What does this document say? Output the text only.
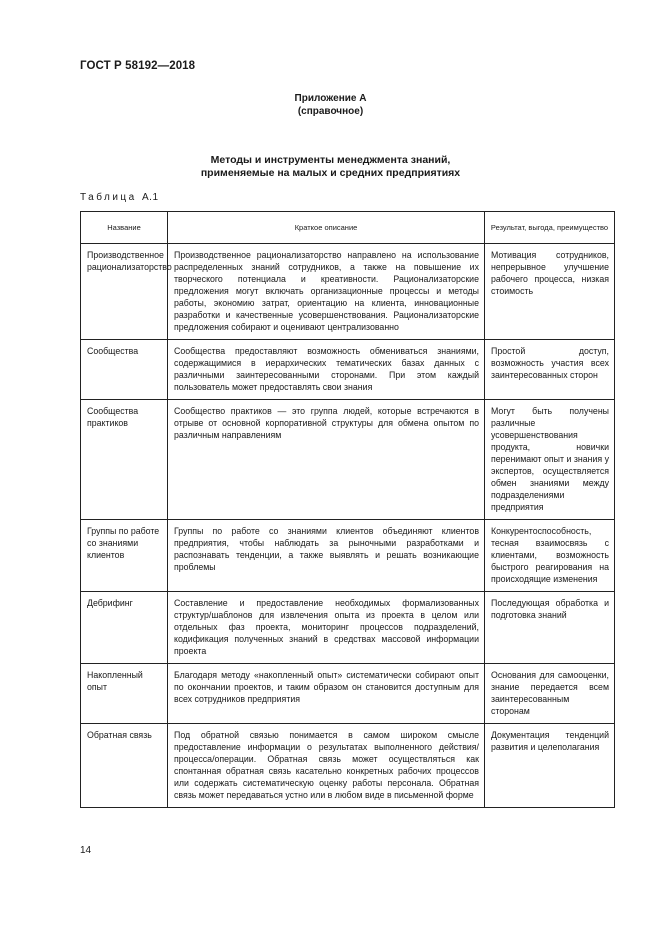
ГОСТ Р 58192—2018
Приложение А
(справочное)
Методы и инструменты менеджмента знаний,
применяемые на малых и средних предприятиях
Таблица А.1
Название	Краткое описание	Результат, выгода, преимущество
Производственное рационализаторство	Производственное рационализаторство направлено на использование распределенных знаний сотрудников, а также на повышение их творческого потенциала и креативности. Рационализаторские предложения могут включать организационные процессы и методы работы, экономию затрат, ориентацию на клиента, инновационные разработки и качественные усовершенствования. Рационализаторские предложения собирают и оценивают централизованно	Мотивация сотрудников, непрерывное улучшение рабочего процесса, низкая стоимость
Сообщества	Сообщества предоставляют возможность обмениваться знаниями, содержащимися в иерархических тематических базах данных с различными заинтересованными сторонами. При этом каждый пользователь может предоставлять свои знания	Простой доступ, возможность участия всех заинтересованных сторон
Сообщества практиков	Сообщество практиков — это группа людей, которые встречаются в отрыве от основной корпоративной структуры для обмена опытом по различным направлениям	Могут быть получены различные усовершенствования продукта, новички перенимают опыт и знания у экспертов, осуществляется обмен знаниями между подразделениями предприятия
Группы по работе со знаниями клиентов	Группы по работе со знаниями клиентов объединяют клиентов предприятия, чтобы наблюдать за рыночными разработками и распознавать тенденции, а также выявлять и решать возникающие проблемы	Конкурентоспособность, тесная взаимосвязь с клиентами, возможность быстрого реагирования на происходящие изменения
Дебрифинг	Составление и предоставление необходимых формализованных структур/шаблонов для извлечения опыта из проекта в целом или отдельных фаз проекта, мониторинг процессов подразделений, кодификация полученных знаний в средствах массовой информации проекта	Последующая обработка и подготовка знаний
Накопленный опыт	Благодаря методу «накопленный опыт» систематически собирают опыт по окончании проектов, и таким образом он становится доступным для всех сотрудников предприятия	Основания для самооценки, знание передается всем заинтересованным сторонам
Обратная связь	Под обратной связью понимается в самом широком смысле предоставление информации о результатах выполненного действия/процесса/операции. Обратная связь может осуществляться как спонтанная обратная связь касательно конкретных рабочих процессов или содержать систематическую оценку работы персонала. Обратная связь может передаваться устно или в любом виде в письменной форме	Документация тенденций развития и целеполагания
14
